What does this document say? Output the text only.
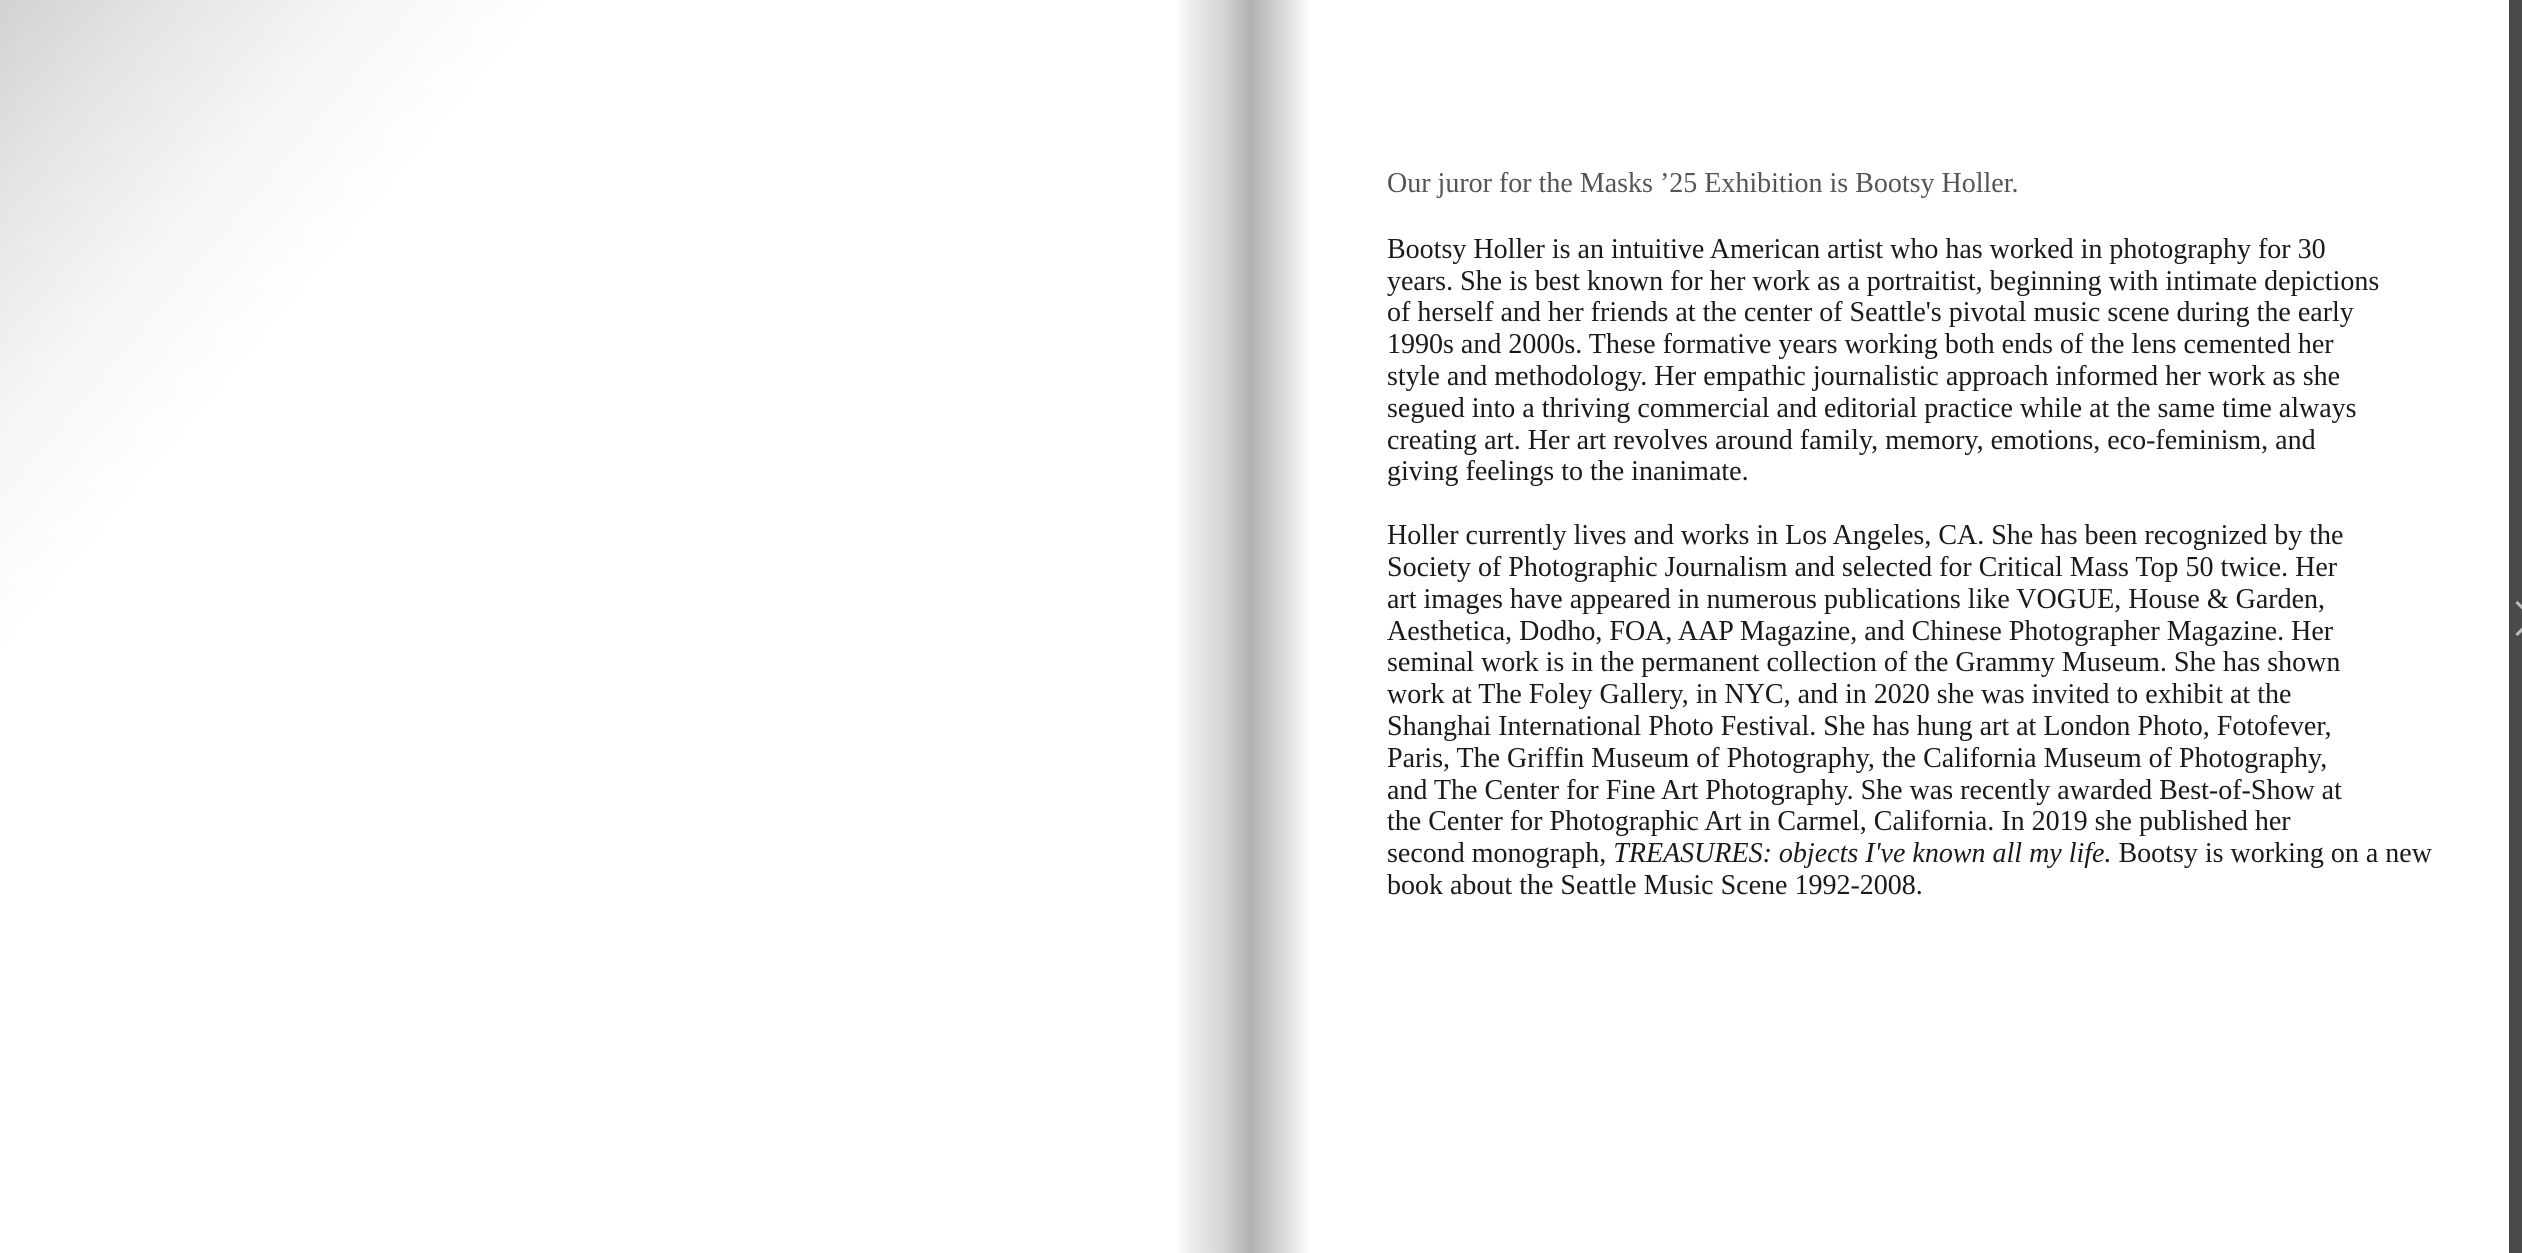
Our juror for the Masks ’25 Exhibition is Bootsy Holler.
Bootsy Holler is an intuitive American artist who has worked in photography for 30
years. She is best known for her work as a portraitist, beginning with intimate depictions
of herself and her friends at the center of Seattle's pivotal music scene during the early
1990s and 2000s. These formative years working both ends of the lens cemented her
style and methodology. Her empathic journalistic approach informed her work as she
segued into a thriving commercial and editorial practice while at the same time always
creating art. Her art revolves around family, memory, emotions, eco-feminism, and
giving feelings to the inanimate.
Holler currently lives and works in Los Angeles, CA. She has been recognized by the
Society of Photographic Journalism and selected for Critical Mass Top 50 twice. Her
art images have appeared in numerous publications like VOGUE, House & Garden,
Aesthetica, Dodho, FOA, AAP Magazine, and Chinese Photographer Magazine. Her
seminal work is in the permanent collection of the Grammy Museum. She has shown
work at The Foley Gallery, in NYC, and in 2020 she was invited to exhibit at the
Shanghai International Photo Festival. She has hung art at London Photo, Fotofever,
Paris, The Griffin Museum of Photography, the California Museum of Photography,
and The Center for Fine Art Photography. She was recently awarded Best-of-Show at
the Center for Photographic Art in Carmel, California. In 2019 she published her
second monograph, TREASURES: objects I've known all my life. Bootsy is working on a new
book about the Seattle Music Scene 1992-2008.
